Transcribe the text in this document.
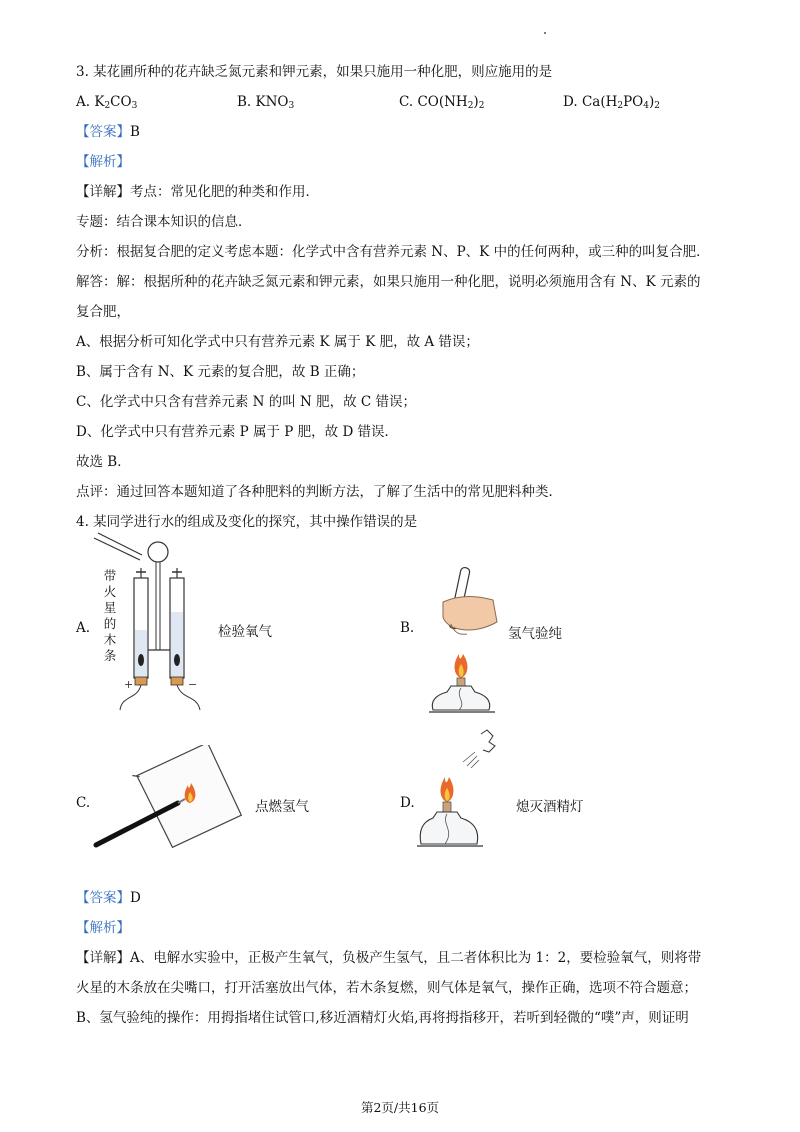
3. 某花圃所种的花卉缺乏氮元素和钾元素，如果只施用一种化肥，则应施用的是
A. $K_2CO_3$	B. $KNO_3$	C. $CO(NH_2)_2$	D. $Ca(H_2PO_4)_2$
【答案】B
【解析】
【详解】考点：常见化肥的种类和作用．
专题：结合课本知识的信息．
分析：根据复合肥的定义考虑本题：化学式中含有营养元素 N、P、K 中的任何两种，或三种的叫复合肥．
解答：解：根据所种的花卉缺乏氮元素和钾元素，如果只施用一种化肥，说明必须施用含有 N、K 元素的
复合肥，
A、根据分析可知化学式中只有营养元素 K 属于 K 肥，故 A 错误；
B、属于含有 N、K 元素的复合肥，故 B 正确；
C、化学式中只含有营养元素 N 的叫 N 肥，故 C 错误；
D、化学式中只有营养元素 P 属于 P 肥，故 D 错误．
故选 B．
点评：通过回答本题知道了各种肥料的判断方法，了解了生活中的常见肥料种类．
4. 某同学进行水的组成及变化的探究，其中操作错误的是
A.
带火星的木条
+	−
检验氧气	B.	氢气验纯
C.	点燃氢气	D.	熄灭酒精灯
【答案】D
【解析】
【详解】A、电解水实验中，正极产生氧气，负极产生氢气，且二者体积比为 1：2，要检验氧气，则将带
火星的木条放在尖嘴口，打开活塞放出气体，若木条复燃，则气体是氧气，操作正确，选项不符合题意；
B、氢气验纯的操作：用拇指堵住试管口,移近酒精灯火焰,再将拇指移开，若听到轻微的“噗”声，则证明
第2页/共16页
